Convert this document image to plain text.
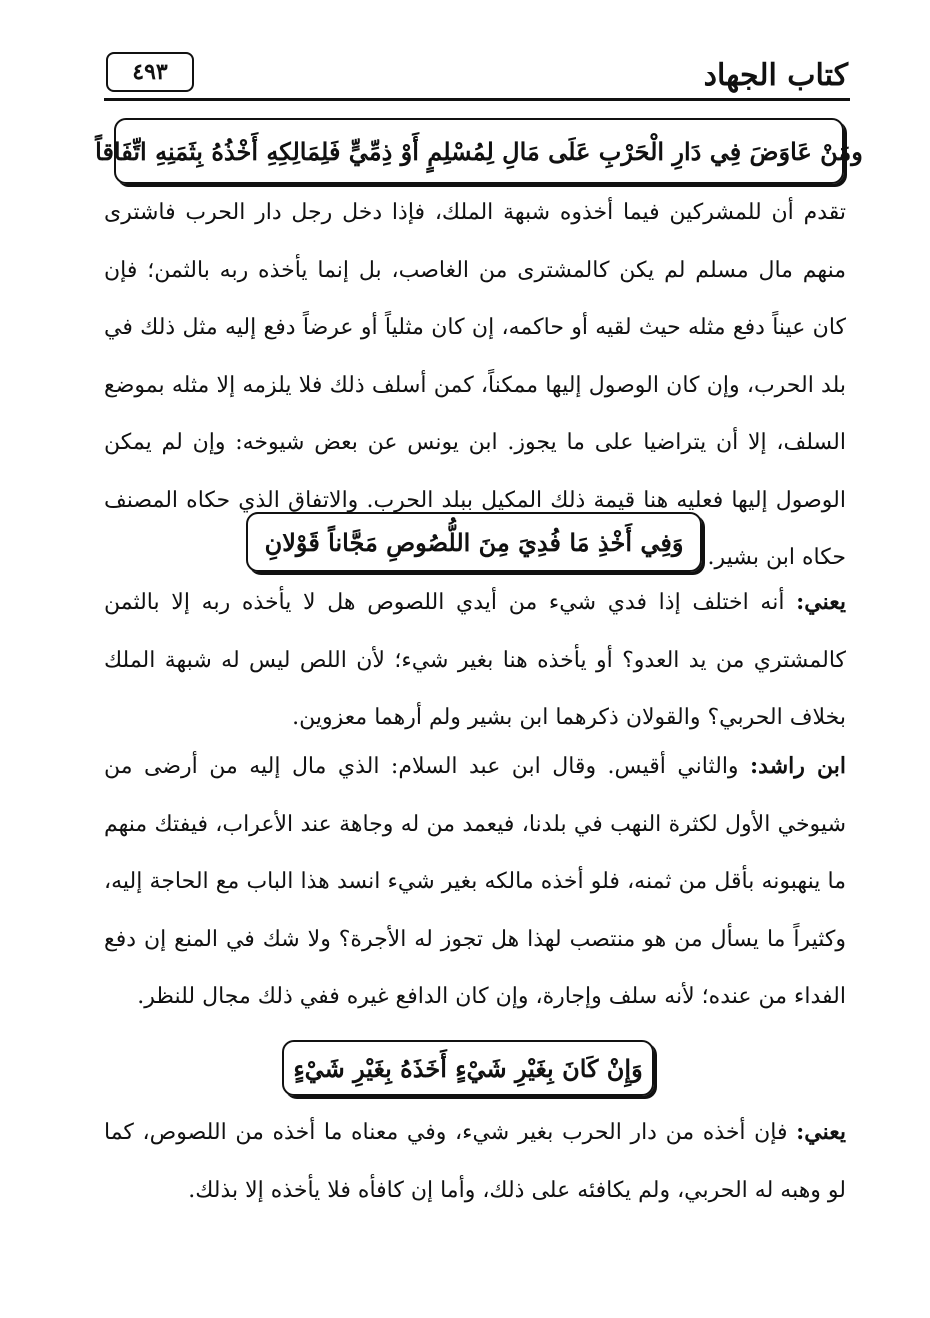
كتاب الجهاد
٤٩٣
ومَنْ عَاوَضَ فِي دَارِ الْحَرْبِ عَلَى مَالِ لِمُسْلِمٍ أَوْ ذِمِّيٍّ فَلِمَالِكِهِ أَخْذُهُ بِثَمَنِهِ اتِّفَاقاً
تقدم أن للمشركين فيما أخذوه شبهة الملك، فإذا دخل رجل دار الحرب فاشترى منهم مال مسلم لم يكن كالمشترى من الغاصب، بل إنما يأخذه ربه بالثمن؛ فإن كان عيناً دفع مثله حيث لقيه أو حاكمه، إن كان مثلياً أو عرضاً دفع إليه مثل ذلك في بلد الحرب، وإن كان الوصول إليها ممكناً، كمن أسلف ذلك فلا يلزمه إلا مثله بموضع السلف، إلا أن يتراضيا على ما يجوز. ابن يونس عن بعض شيوخه: وإن لم يمكن الوصول إليها فعليه هنا قيمة ذلك المكيل ببلد الحرب. والاتفاق الذي حكاه المصنف حكاه ابن بشير.
وَفِي أَخْذِ مَا فُدِيَ مِنَ اللُّصُوصِ مَجَّاناً قَوْلانِ
يعني: أنه اختلف إذا فدي شيء من أيدي اللصوص هل لا يأخذه ربه إلا بالثمن كالمشتري من يد العدو؟ أو يأخذه هنا بغير شيء؛ لأن اللص ليس له شبهة الملك بخلاف الحربي؟ والقولان ذكرهما ابن بشير ولم أرهما معزوين.
ابن راشد: والثاني أقيس. وقال ابن عبد السلام: الذي مال إليه من أرضى من شيوخي الأول لكثرة النهب في بلدنا، فيعمد من له وجاهة عند الأعراب، فيفتك منهم ما ينهبونه بأقل من ثمنه، فلو أخذه مالكه بغير شيء انسد هذا الباب مع الحاجة إليه، وكثيراً ما يسأل من هو منتصب لهذا هل تجوز له الأجرة؟ ولا شك في المنع إن دفع الفداء من عنده؛ لأنه سلف وإجارة، وإن كان الدافع غيره ففي ذلك مجال للنظر.
وَإِنْ كَانَ بِغَيْرِ شَيْءٍ أَخَذَهُ بِغَيْرِ شَيْءٍ
يعني: فإن أخذه من دار الحرب بغير شيء، وفي معناه ما أخذه من اللصوص، كما لو وهبه له الحربي، ولم يكافئه على ذلك، وأما إن كافأه فلا يأخذه إلا بذلك.
